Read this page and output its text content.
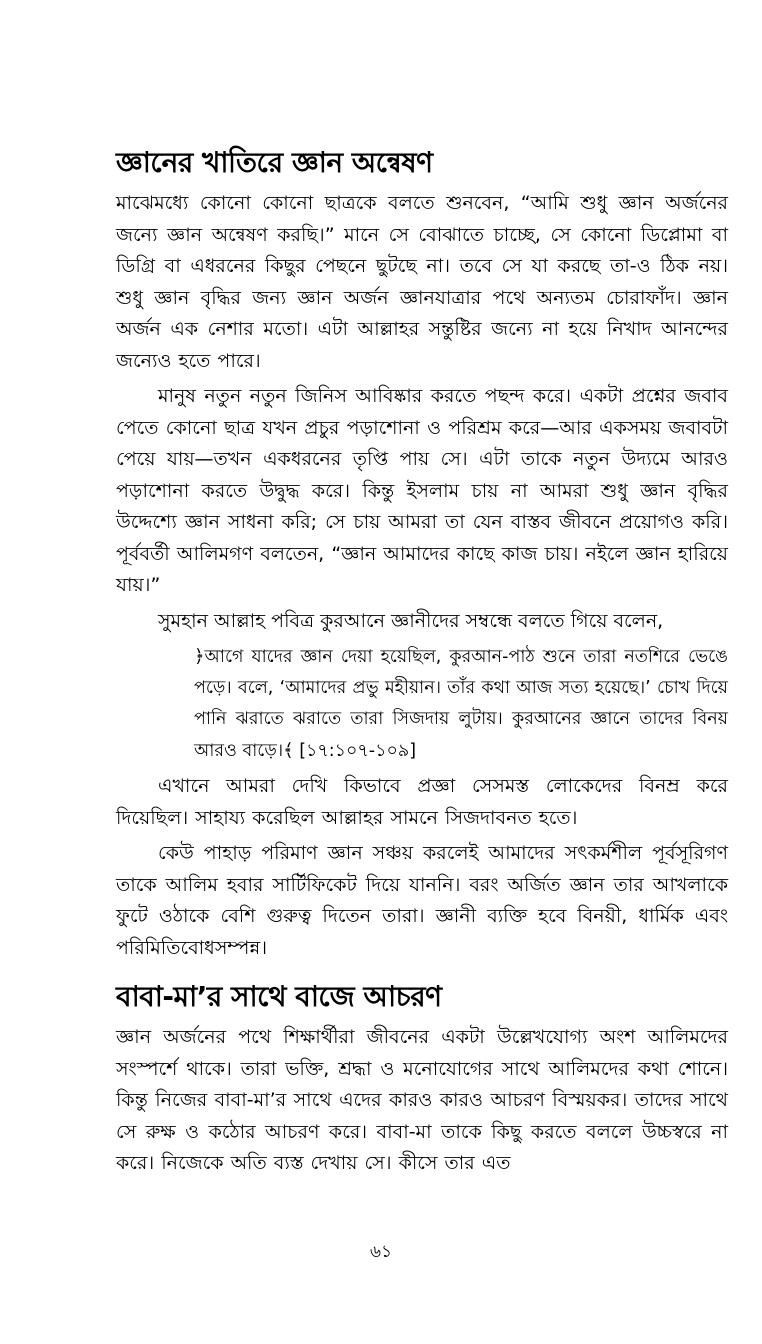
জ্ঞানের খাতিরে জ্ঞান অন্বেষণ

মাঝেমধ্যে কোনো কোনো ছাত্রকে বলতে শুনবেন, “আমি শুধু জ্ঞান অর্জনের জন্যে জ্ঞান অন্বেষণ করছি।” মানে সে বোঝাতে চাচ্ছে, সে কোনো ডিপ্লোমা বা ডিগ্রি বা এধরনের কিছুর পেছনে ছুটছে না। তবে সে যা করছে তা-ও ঠিক নয়। শুধু জ্ঞান বৃদ্ধির জন্য জ্ঞান অর্জন জ্ঞানযাত্রার পথে অন্যতম চোরাফাঁদ। জ্ঞান অর্জন এক নেশার মতো। এটা আল্লাহর সন্তুষ্টির জন্যে না হয়ে নিখাদ আনন্দের জন্যেও হতে পারে।

মানুষ নতুন নতুন জিনিস আবিষ্কার করতে পছন্দ করে। একটা প্রশ্নের জবাব পেতে কোনো ছাত্র যখন প্রচুর পড়াশোনা ও পরিশ্রম করে—আর একসময় জবাবটা পেয়ে যায়—তখন একধরনের তৃপ্তি পায় সে। এটা তাকে নতুন উদ্যমে আরও পড়াশোনা করতে উদ্বুদ্ধ করে। কিন্তু ইসলাম চায় না আমরা শুধু জ্ঞান বৃদ্ধির উদ্দেশ্যে জ্ঞান সাধনা করি; সে চায় আমরা তা যেন বাস্তব জীবনে প্রয়োগও করি। পূর্ববর্তী আলিমগণ বলতেন, “জ্ঞান আমাদের কাছে কাজ চায়। নইলে জ্ঞান হারিয়ে যায়।”

সুমহান আল্লাহ পবিত্র কুরআনে জ্ঞানীদের সম্বন্ধে বলতে গিয়ে বলেন,

﴿আগে যাদের জ্ঞান দেয়া হয়েছিল, কুরআন-পাঠ শুনে তারা নতশিরে ভেঙে পড়ে। বলে, ‘আমাদের প্রভু মহীয়ান। তাঁর কথা আজ সত্য হয়েছে।’ চোখ দিয়ে পানি ঝরাতে ঝরাতে তারা সিজদায় লুটায়। কুরআনের জ্ঞানে তাদের বিনয় আরও বাড়ে।﴾ [১৭:১০৭-১০৯]

এখানে আমরা দেখি কিভাবে প্রজ্ঞা সেসমস্ত লোকেদের বিনম্র করে দিয়েছিল। সাহায্য করেছিল আল্লাহর সামনে সিজদাবনত হতে।

কেউ পাহাড় পরিমাণ জ্ঞান সঞ্চয় করলেই আমাদের সৎকর্মশীল পূর্বসূরিগণ তাকে আলিম হবার সার্টিফিকেট দিয়ে যাননি। বরং অর্জিত জ্ঞান তার আখলাকে ফুটে ওঠাকে বেশি গুরুত্ব দিতেন তারা। জ্ঞানী ব্যক্তি হবে বিনয়ী, ধার্মিক এবং পরিমিতিবোধসম্পন্ন।

বাবা-মা’র সাথে বাজে আচরণ

জ্ঞান অর্জনের পথে শিক্ষার্থীরা জীবনের একটা উল্লেখযোগ্য অংশ আলিমদের সংস্পর্শে থাকে। তারা ভক্তি, শ্রদ্ধা ও মনোযোগের সাথে আলিমদের কথা শোনে। কিন্তু নিজের বাবা-মা’র সাথে এদের কারও কারও আচরণ বিস্ময়কর। তাদের সাথে সে রুক্ষ ও কঠোর আচরণ করে। বাবা-মা তাকে কিছু করতে বললে উচ্চস্বরে না করে। নিজেকে অতি ব্যস্ত দেখায় সে। কীসে তার এত

৬১
